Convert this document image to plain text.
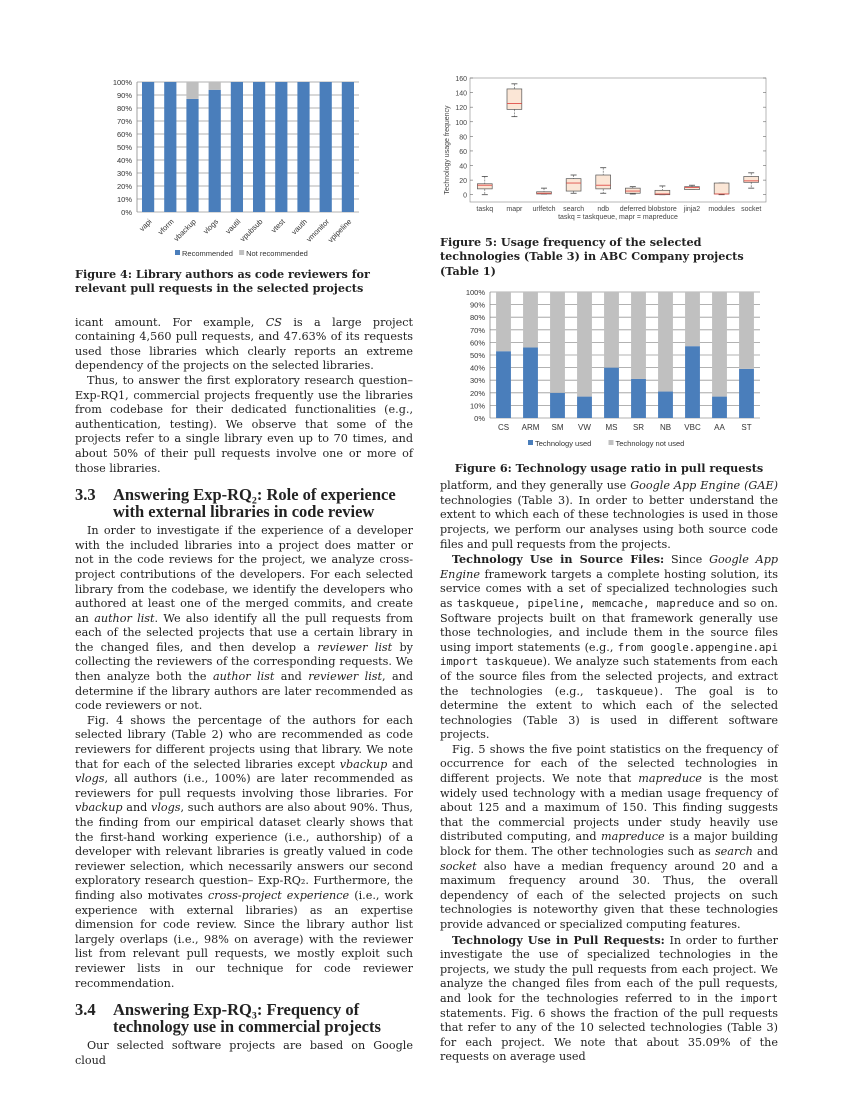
0%
10%
20%
30%
40%
50%
60%
70%
80%
90%
100%
vapi vform
vbackup vlogs vautil
vpubsub vtest vauth
vmonitor
vpipeline
Recommended Not recommended
Figure 4: Library authors as code reviewers for relevant pull requests in the selected projects

icant amount. For example, CS is a large project containing 4,560 pull requests, and 47.63% of its requests used those libraries which clearly reports an extreme dependency of the projects on the selected libraries.

Thus, to answer the first exploratory research question– Exp-RQ1, commercial projects frequently use the libraries from codebase for their dedicated functionalities (e.g., authentication, testing). We observe that some of the projects refer to a single library even up to 70 times, and about 50% of their pull requests involve one or more of those libraries.

3.3	Answering Exp-RQ₂: Role of experience with external libraries in code review

In order to investigate if the experience of a developer with the included libraries into a project does matter or not in the code reviews for the project, we analyze cross-project contributions of the developers. For each selected library from the codebase, we identify the developers who authored at least one of the merged commits, and create an author list. We also identify all the pull requests from each of the selected projects that use a certain library in the changed files, and then develop a reviewer list by collecting the reviewers of the corresponding requests. We then analyze both the author list and reviewer list, and determine if the library authors are later recommended as code reviewers or not.

Fig. 4 shows the percentage of the authors for each selected library (Table 2) who are recommended as code reviewers for different projects using that library. We note that for each of the selected libraries except vbackup and vlogs, all authors (i.e., 100%) are later recommended as reviewers for pull requests involving those libraries. For vbackup and vlogs, such authors are also about 90%. Thus, the finding from our empirical dataset clearly shows that the first-hand working experience (i.e., authorship) of a developer with relevant libraries is greatly valued in code reviewer selection, which necessarily answers our second exploratory research question– Exp-RQ₂. Furthermore, the finding also motivates cross-project experience (i.e., work experience with external libraries) as an expertise dimension for code review. Since the library author list largely overlaps (i.e., 98% on average) with the reviewer list from relevant pull requests, we mostly exploit such reviewer lists in our technique for code reviewer recommendation.

3.4	Answering Exp-RQ₃: Frequency of technology use in commercial projects

Our selected software projects are based on Google cloud

0
20
40
60
80
100
120
140
160
Technology usage frequency
taskq mapr urlfetch search ndb deferred blobstore jinja2 modules socket
taskq = taskqueue, mapr = mapreduce
Figure 5: Usage frequency of the selected technologies (Table 3) in ABC Company projects (Table 1)
0%
10%
20%
30%
40%
50%
60%
70%
80%
90%
100%
CS ARM SM VW MS SR NB VBC AA ST
Technology used	Technology not used
Figure 6: Technology usage ratio in pull requests

platform, and they generally use Google App Engine (GAE) technologies (Table 3). In order to better understand the extent to which each of these technologies is used in those projects, we perform our analyses using both source code files and pull requests from the projects.

Technology Use in Source Files: Since Google App Engine framework targets a complete hosting solution, its service comes with a set of specialized technologies such as taskqueue, pipeline, memcache, mapreduce and so on. Software projects built on that framework generally use those technologies, and include them in the source files using import statements (e.g., from google.appengine.api import taskqueue). We analyze such statements from each of the source files from the selected projects, and extract the technologies (e.g., taskqueue). The goal is to determine the extent to which each of the selected technologies (Table 3) is used in different software projects.

Fig. 5 shows the five point statistics on the frequency of occurrence for each of the selected technologies in different projects. We note that mapreduce is the most widely used technology with a median usage frequency of about 125 and a maximum of 150. This finding suggests that the commercial projects under study heavily use distributed computing, and mapreduce is a major building block for them. The other technologies such as search and socket also have a median frequency around 20 and a maximum frequency around 30. Thus, the overall dependency of each of the selected projects on such technologies is noteworthy given that these technologies provide advanced or specialized computing features.

Technology Use in Pull Requests: In order to further investigate the use of specialized technologies in the projects, we study the pull requests from each project. We analyze the changed files from each of the pull requests, and look for the technologies referred to in the import statements. Fig. 6 shows the fraction of the pull requests that refer to any of the 10 selected technologies (Table 3) for each project. We note that about 35.09% of the requests on average used
